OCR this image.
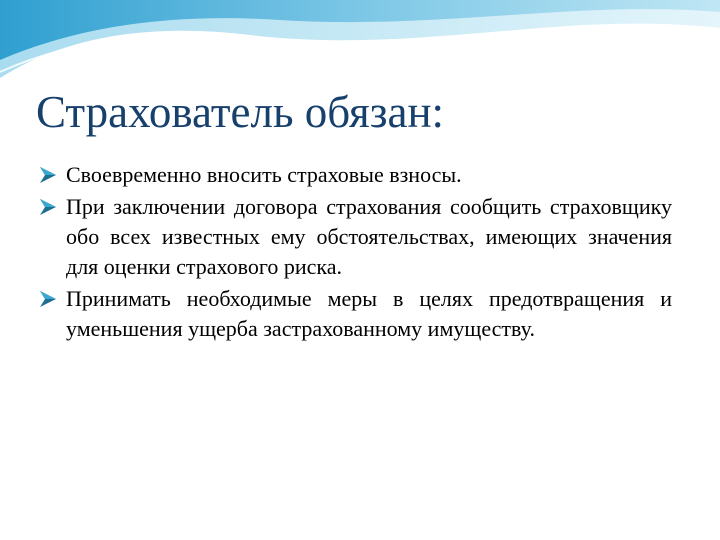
Страхователь обязан:
Своевременно вносить страховые взносы.
При заключении договора страхования сообщить страховщику обо всех известных ему обстоятельствах, имеющих значения для оценки страхового риска.
Принимать необходимые меры в целях предотвращения и уменьшения ущерба застрахованному имуществу.
